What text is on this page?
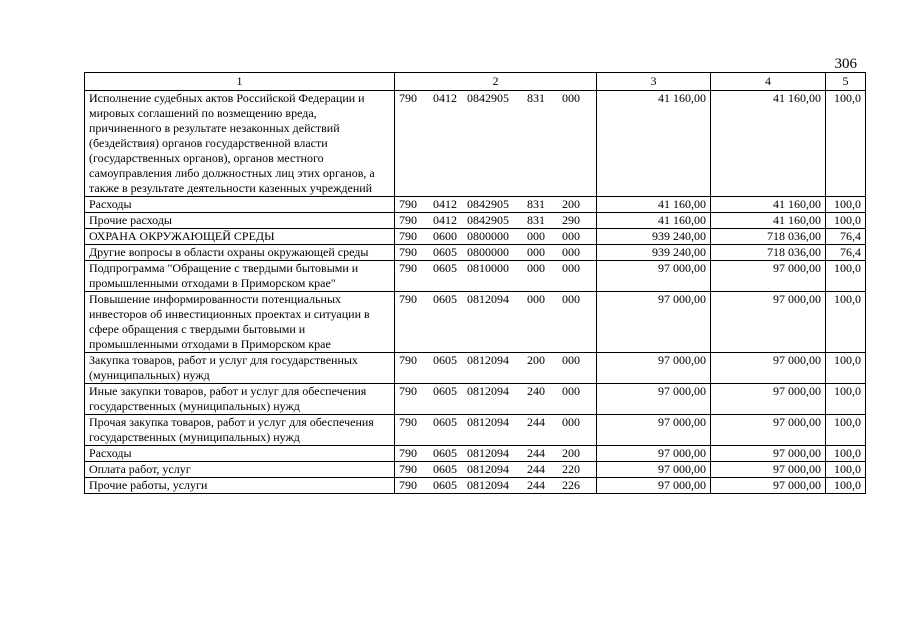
306
1	2	3	4	5
Исполнение судебных актов Российской Федерации и мировых соглашений по возмещению вреда, причиненного в результате незаконных действий (бездействия) органов государственной власти (государственных органов), органов местного самоуправления либо должностных лиц этих органов, а также в результате деятельности казенных учреждений	790 0412 0842905 831 000	41 160,00	41 160,00	100,0
Расходы	790 0412 0842905 831 200	41 160,00	41 160,00	100,0
Прочие расходы	790 0412 0842905 831 290	41 160,00	41 160,00	100,0
ОХРАНА ОКРУЖАЮЩЕЙ СРЕДЫ	790 0600 0800000 000 000	939 240,00	718 036,00	76,4
Другие вопросы в области охраны окружающей среды	790 0605 0800000 000 000	939 240,00	718 036,00	76,4
Подпрограмма "Обращение с твердыми бытовыми и промышленными отходами в Приморском крае"	790 0605 0810000 000 000	97 000,00	97 000,00	100,0
Повышение информированности потенциальных инвесторов об инвестиционных проектах и ситуации в сфере обращения с твердыми бытовыми и промышленными отходами в Приморском крае	790 0605 0812094 000 000	97 000,00	97 000,00	100,0
Закупка товаров, работ и услуг для государственных (муниципальных) нужд	790 0605 0812094 200 000	97 000,00	97 000,00	100,0
Иные закупки товаров, работ и услуг для обеспечения государственных (муниципальных) нужд	790 0605 0812094 240 000	97 000,00	97 000,00	100,0
Прочая закупка товаров, работ и услуг для обеспечения государственных (муниципальных) нужд	790 0605 0812094 244 000	97 000,00	97 000,00	100,0
Расходы	790 0605 0812094 244 200	97 000,00	97 000,00	100,0
Оплата работ, услуг	790 0605 0812094 244 220	97 000,00	97 000,00	100,0
Прочие работы, услуги	790 0605 0812094 244 226	97 000,00	97 000,00	100,0
